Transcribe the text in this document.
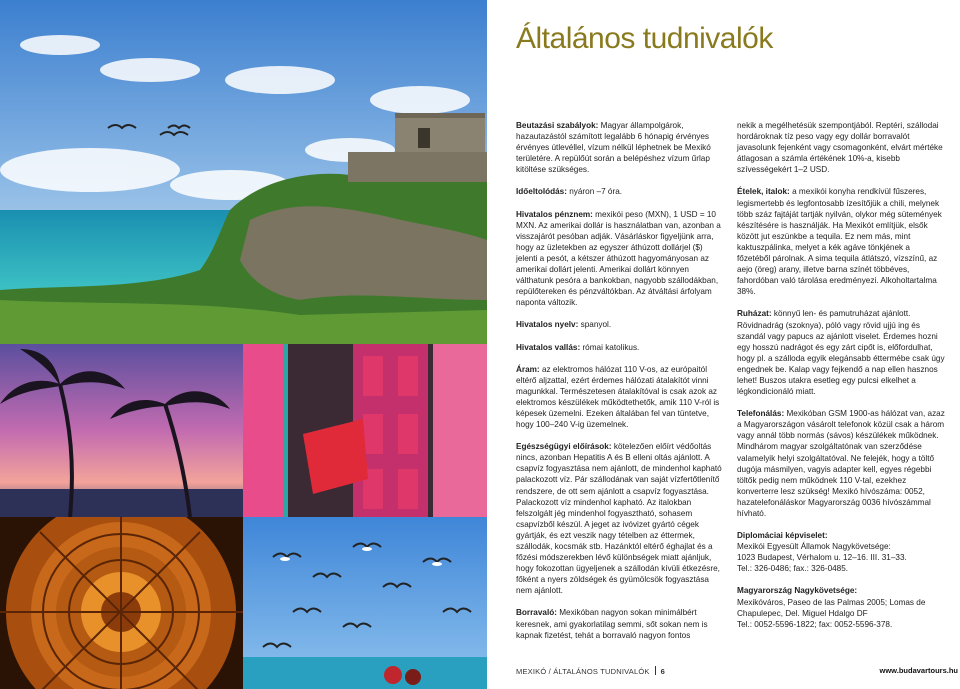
Általános tudnivalók

Beutazási szabályok: Magyar állampolgárok, hazautazástól számított legalább 6 hónapig érvényes érvényes útlevéllel, vízum nélkül léphetnek be Mexikó területére. A repülőút során a belépéshez vízum űrlap kitöltése szükséges.

Időeltolódás: nyáron –7 óra.

Hivatalos pénznem: mexikói peso (MXN), 1 USD = 10 MXN. Az amerikai dollár is használatban van, azonban a visszajárót pesóban adják. Vásárláskor figyeljünk arra, hogy az üzletekben az egyszer áthúzott dollárjel ($) jelenti a pesót, a kétszer áthúzott hagyományosan az amerikai dollárt jelenti. Amerikai dollárt könnyen válthatunk pesóra a bankokban, nagyobb szállodákban, repülőtereken és pénzváltókban. Az átváltási árfolyam naponta változik.

Hivatalos nyelv: spanyol.

Hivatalos vallás: római katolikus.

Áram: az elektromos hálózat 110 V-os, az európaitól eltérő aljzattal, ezért érdemes hálózati átalakítót vinni magunkkal. Természetesen átalakítóval is csak azok az elektromos készülékek működtethetők, amik 110 V-ról is képesek üzemelni. Ezeken általában fel van tüntetve, hogy 100–240 V-ig üzemelnek.

Egészségügyi előírások: kötelezően előírt védőoltás nincs, azonban Hepatitis A és B elleni oltás ajánlott. A csapvíz fogyasztása nem ajánlott, de mindenhol kapható palackozott víz. Pár szállodának van saját vízfertőtlenítő rendszere, de ott sem ajánlott a csapvíz fogyasztása. Palackozott víz mindenhol kapható. Az italokban felszolgált jég mindenhol fogyasztható, sohasem csapvízből készül. A jeget az ivóvizet gyártó cégek gyártják, és ezt veszik nagy tételben az éttermek, szállodák, kocsmák stb. Hazánktól eltérő éghajlat és a főzési módszerekben lévő különbségek miatt ajánljuk, hogy fokozottan ügyeljenek a szállodán kívüli étkezésre, főként a nyers zöldségek és gyümölcsök fogyasztása nem ajánlott.

Borravaló: Mexikóban nagyon sokan minimálbért keresnek, ami gyakorlatilag semmi, sőt sokan nem is kapnak fizetést, tehát a borravaló nagyon fontos

nekik a megélhetésük szempontjából. Reptéri, szállodai hordároknak tíz peso vagy egy dollár borravalót javasolunk fejenként vagy csomagonként, elvárt mértéke átlagosan a számla értékének 10%-a, kisebb szívességekért 1–2 USD.

Ételek, italok: a mexikói konyha rendkívül fűszeres, legismertebb és legfontosabb ízesítőjük a chili, melynek több száz fajtáját tartják nyilván, olykor még sütemények készítésére is használják. Ha Mexikót említjük, elsők között jut eszünkbe a tequila. Ez nem más, mint kaktuszpálinka, melyet a kék agáve tönkjének a főzetéből párolnak. A sima tequila átlátszó, vízszínű, az aejo (öreg) arany, illetve barna színét többéves, fahordóban való tárolása eredményezi. Alkoholtartalma 38%.

Ruházat: könnyű len- és pamutruházat ajánlott. Rövidnadrág (szoknya), póló vagy rövid ujjú ing és szandál vagy papucs az ajánlott viselet. Érdemes hozni egy hosszú nadrágot és egy zárt cipőt is, előfordulhat, hogy pl. a szálloda egyik elegánsabb éttermébe csak úgy engednek be. Kalap vagy fejkendő a nap ellen hasznos lehet! Buszos utakra esetleg egy pulcsi elkelhet a légkondicionáló miatt.

Telefonálás: Mexikóban GSM 1900-as hálózat van, azaz a Magyarországon vásárolt telefonok közül csak a három vagy annál több normás (sávos) készülékek működnek. Mindhárom magyar szolgáltatónak van szerződése valamelyik helyi szolgáltatóval. Ne felejék, hogy a töltő dugója másmilyen, vagyis adapter kell, egyes régebbi töltők pedig nem működnek 110 V-tal, ezekhez konverterre lesz szükség! Mexikó hívószáma: 0052, hazatelefonáláskor Magyarország 0036 hívószámmal hívható.

Diplomáciai képviselet:
Mexikói Egyesült Államok Nagykövetsége:
1023 Budapest, Vérhalom u. 12–16. III. 31–33.
Tel.: 326-0486; fax.: 326-0485.

Magyarország Nagykövetsége:
Mexikóváros, Paseo de las Palmas 2005; Lomas de Chapulepec, Del. Miguel Hdalgo DF
Tel.: 0052-5596-1822; fax: 0052-5596-378.

MEXIKÓ / ÁLTALÁNOS TUDNIVALÓK 6	www.budavartours.hu
